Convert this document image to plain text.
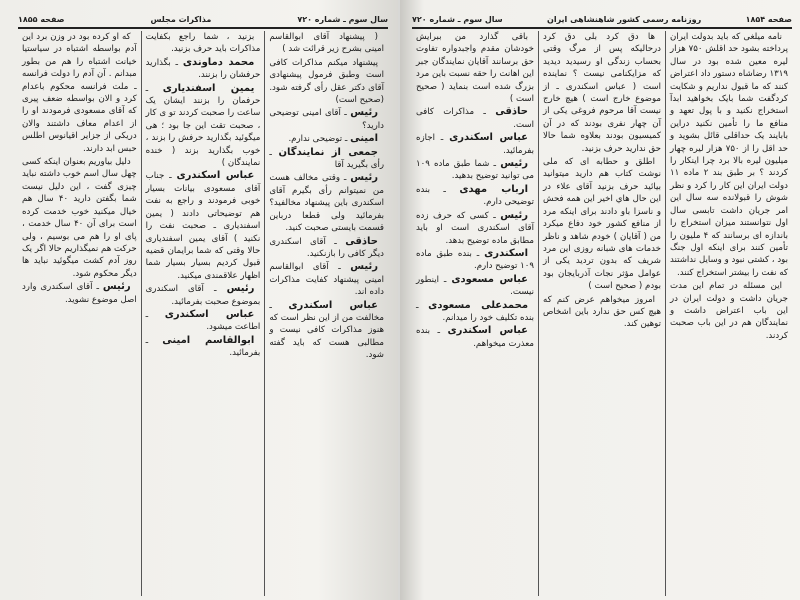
سال سوم ـ شماره ۷۲۰
مذاکرات مجلس
صفحه ۱۸۵۵

( پیشنهاد آقای ابوالقاسم امینی بشرح زیر قرائت شد )

پیشنهاد میکنم مذاکرات کافی است وطبق فرمول پیشنهادی آقای دکتر عقل رأی گرفته شود. (صحیح است)

رئیس ـ آقای امینی توضیحی دارید؟

امینی ـ توضیحی ندارم.

جمعی از نمایندگان ـ رأی بگیرید آقا

رئیس ـ وقتی مخالف هست من نمیتوانم رأی بگیرم آقای اسکندری باین پیشنهاد مخالفید؟ بفرمائید ولی قطعا درباین قسمت بایستی صحبت کنید.

حاذقی ـ آقای اسکندری دیگر کافی را بازنکنید.

رئیس ـ آقای ابوالقاسم امینی پیشنهاد کفایت مذاکرات داده اند.

عباس اسکندری ـ مخالفت من از این نظر است که هنوز مذاکرات کافی نیست و مطالبی هست که باید گفته شود.

بزنید ، شما راجع بکفایت مذاکرات باید حرف بزنید.

محمد دماوندی ـ بگذارید حرفشان را بزنند.

یمین اسفندیاری ـ حرفمان را بزنند ایشان یک ساعت را صحبت کردند تو ی کار ، صحبت تقت این جا بود ؛ هی میگوئید بگذارید حرفش را بزند ، خوب بگذارید بزند ( خنده نمایندگان )

عباس اسکندری ـ جناب آقای مسعودی بیانات بسیار خوبی فرمودند و راجع به نفت هم توضیحاتی دادند ( یمین اسفندیاری ـ صحبت نفت را نکنید ) آقای یمین اسفندیاری حالا وقتی که شما برایمان قضیه قبول کردیم بسیار بسیار شما اظهار علاقمندی میکنید.

رئیس ـ آقای اسکندری بموضوع صحبت بفرمائید.

عباس اسکندری ـ اطاعت میشود.

ابوالقاسم امینی ـ بفرمائید.

که او کرده بود در وزن برد این آدم بواسطه اشتباه در سیاستیا خیانت اشتباه را هم من بطور مبدانم . آن آدم را دولت فرانسه ـ ملت فرانسه محکوم باعدام کرد و الان بواسطه ضعف پیری که آقای مسعودی فرمودند او را از اعدام معاف داشتند والان دریکی از جزایر اقیانوس اطلس حبس ابد دارند.

دلیل بیاوریم بعنوان اینکه کسی چهل سال اسم خوب داشته نباید چیزی گفت ، این دلیل نیست شما بگفتن دارید ۴۰ سال هم خیال میکنید خوب خدمت کرده است برای آن ۴۰ سال خدمت ، پای او را هم می بوسیم ، ولی حرکت هم نمیگذاریم حالا اگر یک روز آدم کشت میگوئید نباید ها دیگر محکوم شود.

رئیس ـ آقای اسکندری وارد اصل موضوع نشوید.

صفحه ۱۸۵۴
روزنامه رسمی کشور شاهنشاهی ایران
سال سوم ـ شماره ۷۲۰

نامه میلغی که باید بدولت ایران پرداخته بشود حد اقلش ۷۵۰ هزار لیره معین شده بود در سال ۱۳۱۹ رضاشاه دستور داد اعتراض کنند که ما قبول نداریم و شکایت کردگفت شما بایک بخواهید ابدآ استخراج نکنید و با پول تعهد و منافع ما را تأمین نکنید دراین بابایند یک حداقلی قائل بشوید و حد اقل را از ۷۵۰ هزار لیره چهار میلیون لیره بالا برد چرا اینکار را کردند ؟ بر طبق بند ۲ ماده ۱۱ دولت ایران این کار را کرد و نظر شوش را قبولانده سه سال این امر جریان داشت تابسی سال اول نتوانستند میزان استخراج را باندازه ای برسانند که ۴ ملیون را تأمین کنند برای اینکه اول جنگ بود ، کشتی نبود و وسایل نداشتند که نفت را بیشتر استخراج کنند.

این مسئله در تمام این مدت جریان داشت و دولت ایران در این باب اعتراض داشت و نمایندگان هم در این باب صحبت کردند.

ها دق کرد بلی دق کرد درحالیکه پس از مرگ وقتی بحساب زندگی او رسیدید دیدید که مزایکنامی نیست ؟ نماینده است ( عباس اسکندری ـ از موضوع خارج است ) هیچ خارج نیست آقا مرحوم فروغی یکی از آن چهار نفری بودند که در آن کمیسیون بودند بعلاوه شما حالا حق ندارید حرف بزنید.

اطلق و حطابه ای که ملی نوشت کتاب هم دارید میتوانید بیائید حرف بزنید آقای علاء در این حال هاي اخير این همه فحش و ناسزا باو دادند برای اینکه مرد از منافع کشور خود دفاع میکرد من ( آقایان ) خودم شاهد و ناظر خدمات های شبانه روزی این مرد شریف که بدون تردید یکی از عوامل مؤثر نجات آذربایجان بود بودم ( صحیح است )

امروز میخواهم عرض کنم که هیچ کس حق ندارد باین اشخاص توهین کند.

باقی گذارد من ببرایش خودشان مقدم واجبدواره تفاوت حق برسانند آقایان نمایندگان جبر این اهانت را حقه نسبت باین مرد بزرگ شده است بنماید ( صحیح است )

حاذقی ـ مذاکرات کافی است.

عباس اسکندری ـ اجازه بفرمائید.

رئیس ـ شما طبق ماده ۱۰۹ می توانید توضیح بدهید.

ارباب مهدی ـ بنده توضیحی دارم.

رئیس ـ کسی که حرف زده آقای اسکندری است او باید مطابق ماده توضیح بدهد.

اسکندری ـ بنده طبق ماده ۱۰۹ توضیح دارم.

عباس مسعودی ـ اینطور نیست.

محمدعلی مسعودی ـ بنده تکلیف خود را میدانم.

عباس اسکندری ـ بنده معذرت میخواهم.
